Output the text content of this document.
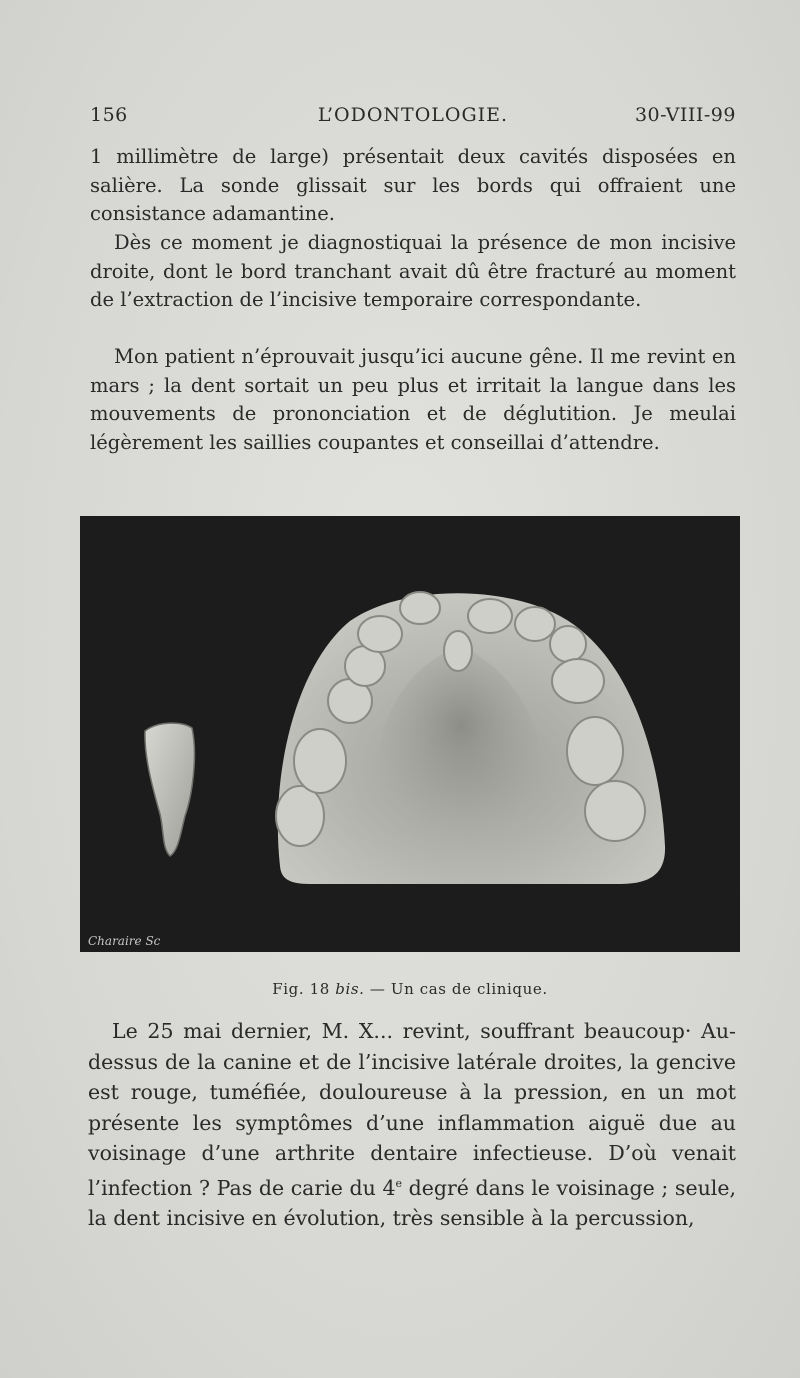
156	L’ODONTOLOGIE.	30-VIII-99

1 millimètre de large) présentait deux cavités disposées en salière. La sonde glissait sur les bords qui offraient une consistance adamantine.

Dès ce moment je diagnostiquai la présence de mon incisive droite, dont le bord tranchant avait dû être fracturé au moment de l’extraction de l’incisive temporaire correspondante.

Mon patient n’éprouvait jusqu’ici aucune gêne. Il me revint en mars ; la dent sortait un peu plus et irritait la langue dans les mouvements de prononciation et de déglutition. Je meulai légèrement les saillies coupantes et conseillai d’attendre.

Charaire Sc
Fig. 18 bis. — Un cas de clinique.

Le 25 mai dernier, M. X... revint, souffrant beaucoup· Au-dessus de la canine et de l’incisive latérale droites, la gencive est rouge, tuméfiée, douloureuse à la pression, en un mot présente les symptômes d’une inflammation aiguë due au voisinage d’une arthrite dentaire infectieuse. D’où venait l’infection ? Pas de carie du 4e degré dans le voisinage ; seule, la dent incisive en évolution, très sensible à la percussion,
